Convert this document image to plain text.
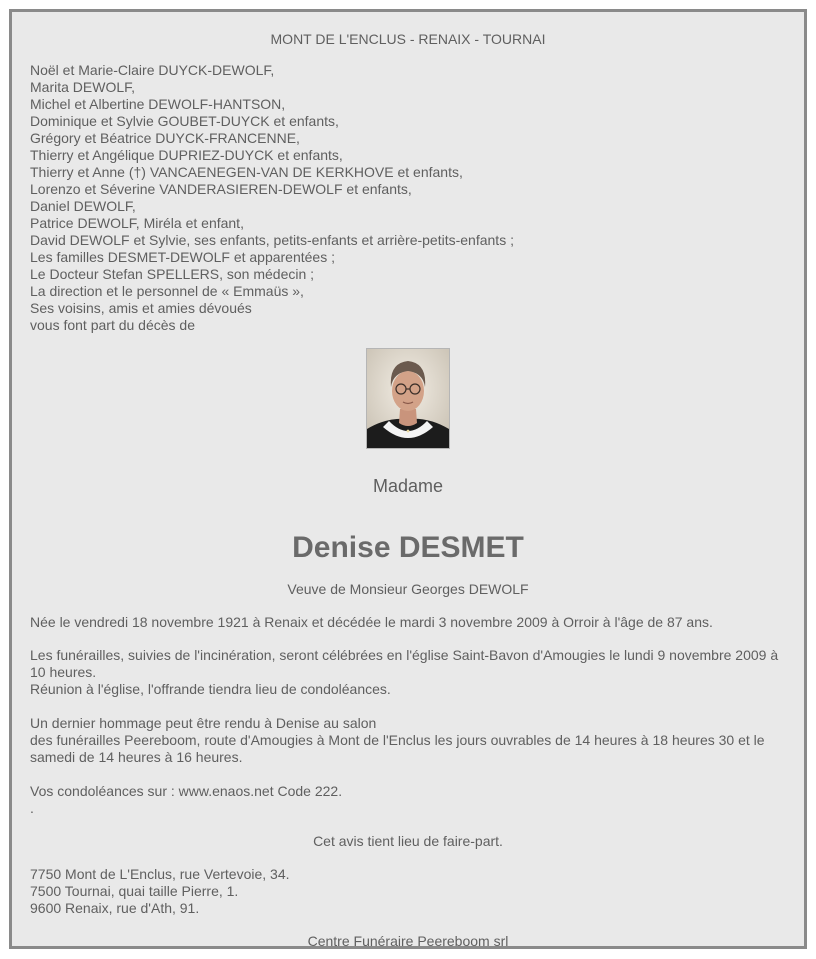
MONT DE L'ENCLUS - RENAIX - TOURNAI

Noël et Marie-Claire DUYCK-DEWOLF,

Marita DEWOLF,

Michel et Albertine DEWOLF-HANTSON,

Dominique et Sylvie GOUBET-DUYCK et enfants,

Grégory et Béatrice DUYCK-FRANCENNE,

Thierry et Angélique DUPRIEZ-DUYCK et enfants,

Thierry et Anne (†) VANCAENEGEN-VAN DE KERKHOVE et enfants,

Lorenzo et Séverine VANDERASIEREN-DEWOLF et enfants,

Daniel DEWOLF,

Patrice DEWOLF, Miréla et enfant,

David DEWOLF et Sylvie, ses enfants, petits-enfants et arrière-petits-enfants ;

Les familles DESMET-DEWOLF et apparentées ;

Le Docteur Stefan SPELLERS, son médecin ;

La direction et le personnel de « Emmaüs »,

Ses voisins, amis et amies dévoués

vous font part du décès de

Madame
Denise DESMET
Veuve de Monsieur Georges DEWOLF

Née le vendredi 18 novembre 1921 à Renaix et décédée le mardi 3 novembre 2009 à Orroir à l'âge de 87 ans.

Les funérailles, suivies de l'incinération, seront célébrées en l'église Saint-Bavon d'Amougies le lundi 9 novembre 2009 à 10 heures.

Réunion à l'église, l'offrande tiendra lieu de condoléances.

Un dernier hommage peut être rendu à Denise au salon

des funérailles Peereboom, route d'Amougies à Mont de l'Enclus les jours ouvrables de 14 heures à 18 heures 30 et le samedi de 14 heures à 16 heures.

Vos condoléances sur : www.enaos.net Code 222.

.

Cet avis tient lieu de faire-part.

7750 Mont de L'Enclus, rue Vertevoie, 34.

7500 Tournai, quai taille Pierre, 1.

9600 Renaix, rue d'Ath, 91.

Centre Funéraire Peereboom srl
